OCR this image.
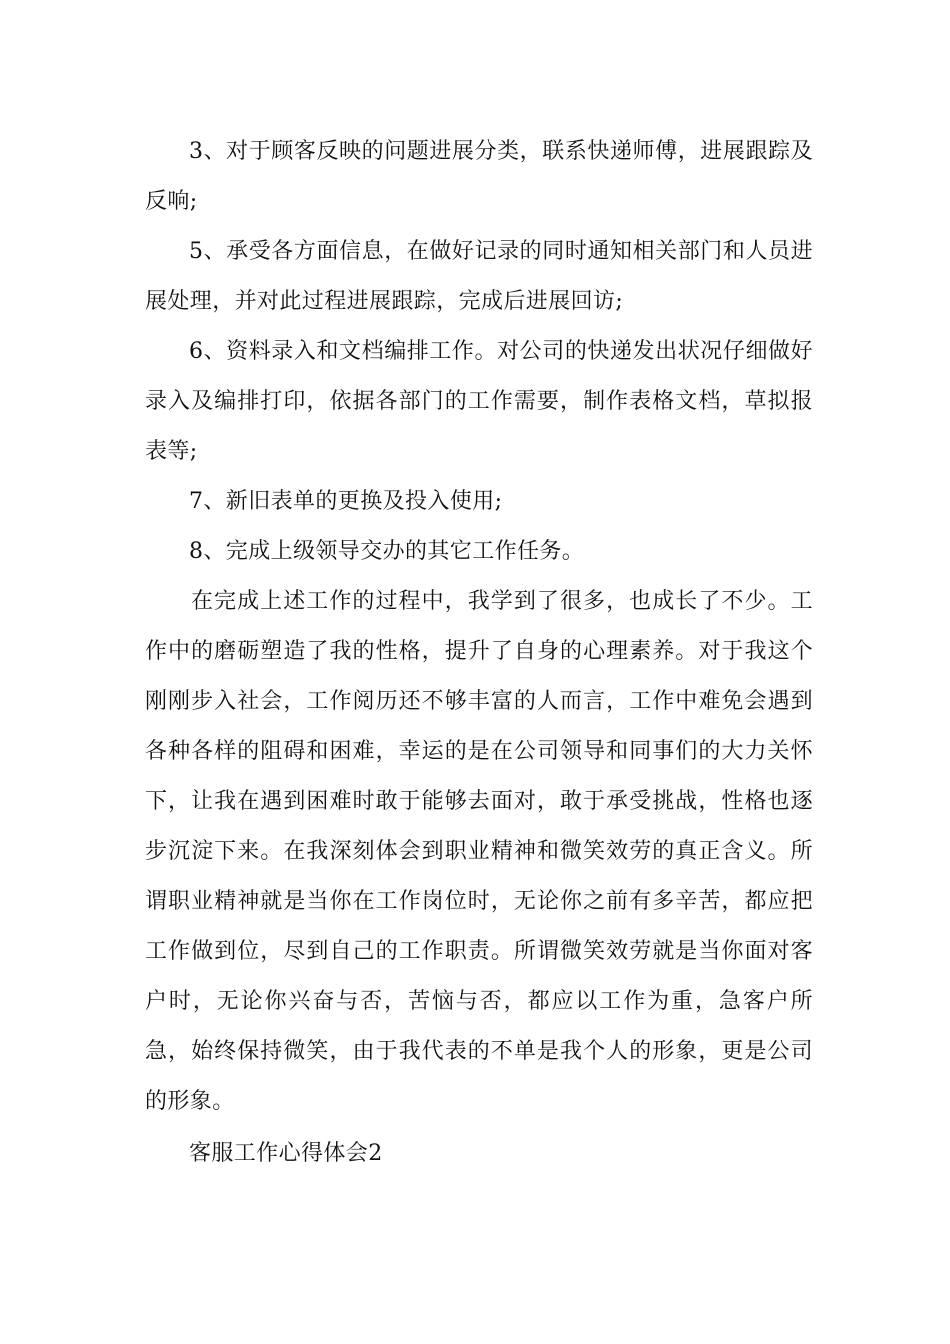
3、对于顾客反映的问题进展分类，联系快递师傅，进展跟踪及反响;

5、承受各方面信息，在做好记录的同时通知相关部门和人员进展处理，并对此过程进展跟踪，完成后进展回访;

6、资料录入和文档编排工作。对公司的快递发出状况仔细做好录入及编排打印，依据各部门的工作需要，制作表格文档，草拟报表等;

7、新旧表单的更换及投入使用;

8、完成上级领导交办的其它工作任务。

在完成上述工作的过程中，我学到了很多，也成长了不少。工作中的磨砺塑造了我的性格，提升了自身的心理素养。对于我这个刚刚步入社会，工作阅历还不够丰富的人而言，工作中难免会遇到各种各样的阻碍和困难，幸运的是在公司领导和同事们的大力关怀下，让我在遇到困难时敢于能够去面对，敢于承受挑战，性格也逐步沉淀下来。在我深刻体会到职业精神和微笑效劳的真正含义。所谓职业精神就是当你在工作岗位时，无论你之前有多辛苦，都应把工作做到位，尽到自己的工作职责。所谓微笑效劳就是当你面对客户时，无论你兴奋与否，苦恼与否，都应以工作为重，急客户所急，始终保持微笑，由于我代表的不单是我个人的形象，更是公司的形象。

客服工作心得体会2
